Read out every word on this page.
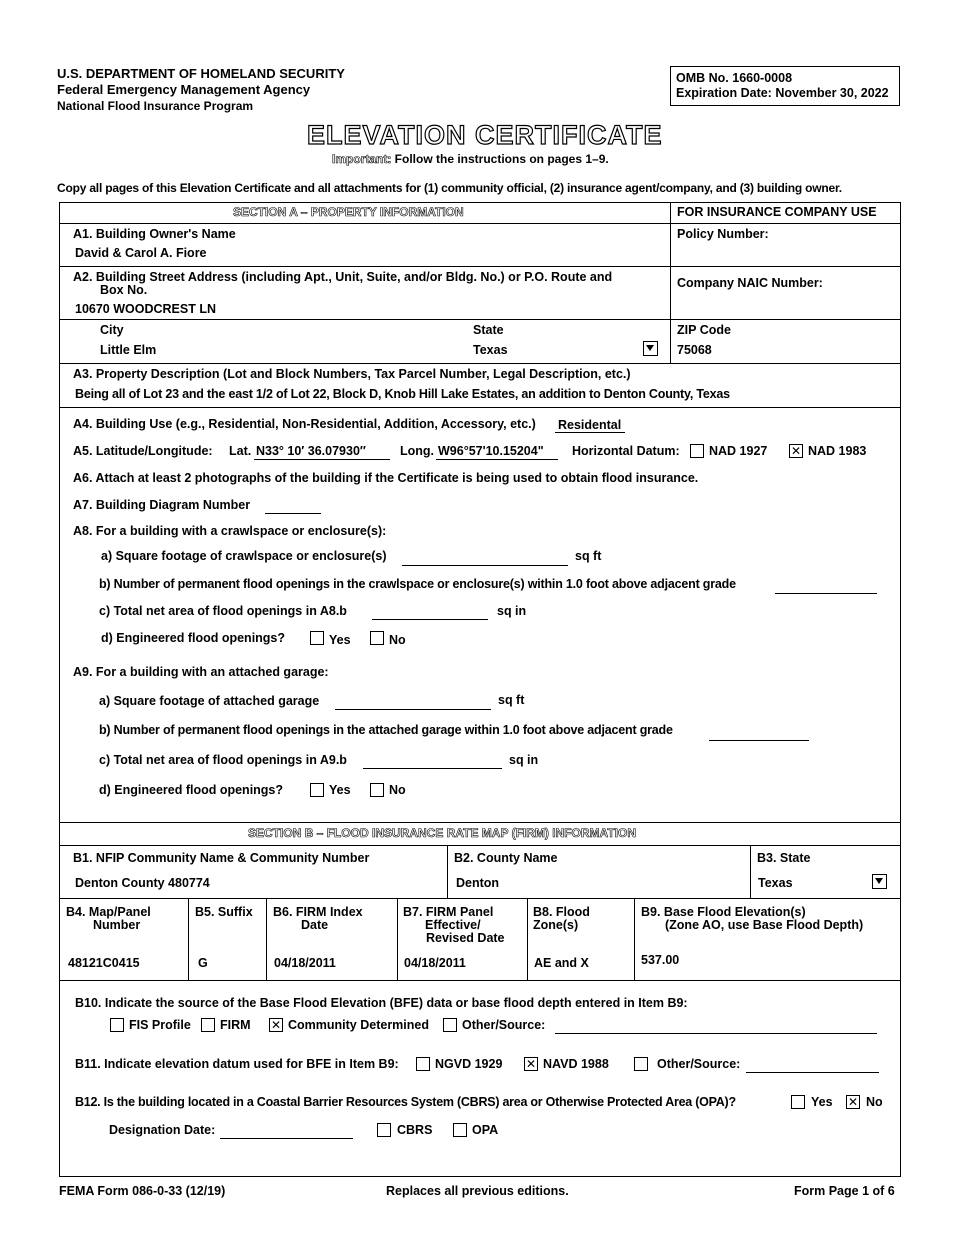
U.S. DEPARTMENT OF HOMELAND SECURITY
Federal Emergency Management Agency
National Flood Insurance Program
OMB No. 1660-0008
Expiration Date: November 30, 2022
ELEVATION CERTIFICATE
Important: Follow the instructions on pages 1–9.
Copy all pages of this Elevation Certificate and all attachments for (1) community official, (2) insurance agent/company, and (3) building owner.
SECTION A – PROPERTY INFORMATION	FOR INSURANCE COMPANY USE
A1. Building Owner's Name
David & Carol A. Fiore
Policy Number:
A2. Building Street Address (including Apt., Unit, Suite, and/or Bldg. No.) or P.O. Route and
Box No.
10670 WOODCREST LN
Company NAIC Number:
City
Little Elm
State
Texas
ZIP Code
75068
A3. Property Description (Lot and Block Numbers, Tax Parcel Number, Legal Description, etc.)
Being all of Lot 23 and the east 1/2 of Lot 22, Block D, Knob Hill Lake Estates, an addition to Denton County, Texas
A4. Building Use (e.g., Residential, Non-Residential, Addition, Accessory, etc.) Residental
A5. Latitude/Longitude: Lat. N33° 10′ 36.07930″	Long. W96°57'10.15204" Horizontal Datum: NAD 1927 ✕ NAD 1983
A6. Attach at least 2 photographs of the building if the Certificate is being used to obtain flood insurance.
A7. Building Diagram Number
A8. For a building with a crawlspace or enclosure(s):
a) Square footage of crawlspace or enclosure(s)	sq ft
b) Number of permanent flood openings in the crawlspace or enclosure(s) within 1.0 foot above adjacent grade
c) Total net area of flood openings in A8.b	sq in
d) Engineered flood openings?	Yes	No
A9. For a building with an attached garage:
a) Square footage of attached garage	sq ft
b) Number of permanent flood openings in the attached garage within 1.0 foot above adjacent grade
c) Total net area of flood openings in A9.b	sq in
d) Engineered flood openings?	Yes	No
SECTION B – FLOOD INSURANCE RATE MAP (FIRM) INFORMATION
B1. NFIP Community Name & Community Number
Denton County 480774
B2. County Name
Denton
B3. State
Texas
B4. Map/Panel
Number
48121C0415
B5. Suffix
G
B6. FIRM Index
Date
04/18/2011
B7. FIRM Panel
Effective/
Revised Date
04/18/2011
B8. Flood
Zone(s)
AE and X
B9. Base Flood Elevation(s)
(Zone AO, use Base Flood Depth)
537.00
B10. Indicate the source of the Base Flood Elevation (BFE) data or base flood depth entered in Item B9:
FIS Profile FIRM ✕ Community Determined	Other/Source:
B11. Indicate elevation datum used for BFE in Item B9:	NGVD 1929 ✕ NAVD 1988	Other/Source:
B12. Is the building located in a Coastal Barrier Resources System (CBRS) area or Otherwise Protected Area (OPA)?	Yes ✕ No
Designation Date:	CBRS	OPA
FEMA Form 086-0-33 (12/19)	Replaces all previous editions.	Form Page 1 of 6
